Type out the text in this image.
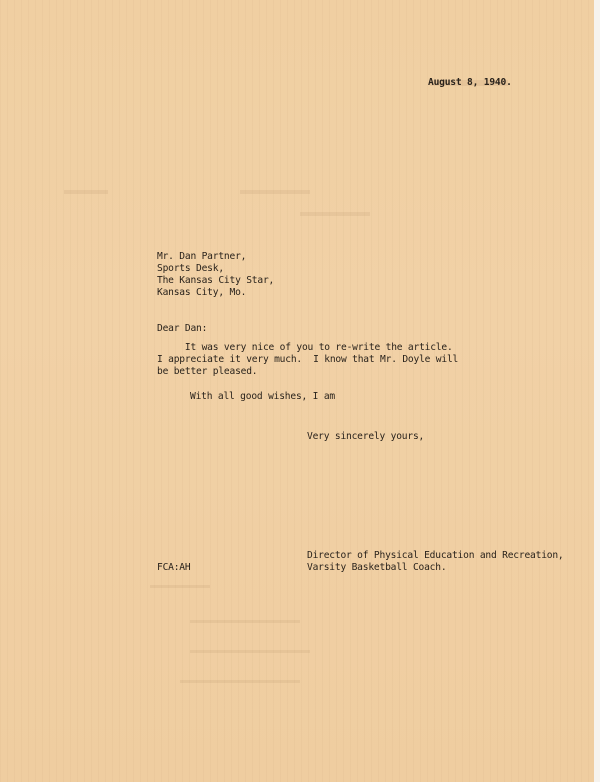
August 8, 1940.

Mr. Dan Partner,
Sports Desk,
The Kansas City Star,
Kansas City, Mo.

Dear Dan:

It was very nice of you to re-write the article.
I appreciate it very much.  I know that Mr. Doyle will
be better pleased.

With all good wishes, I am

Very sincerely yours,

FCA:AH

Director of Physical Education and Recreation,
Varsity Basketball Coach.
